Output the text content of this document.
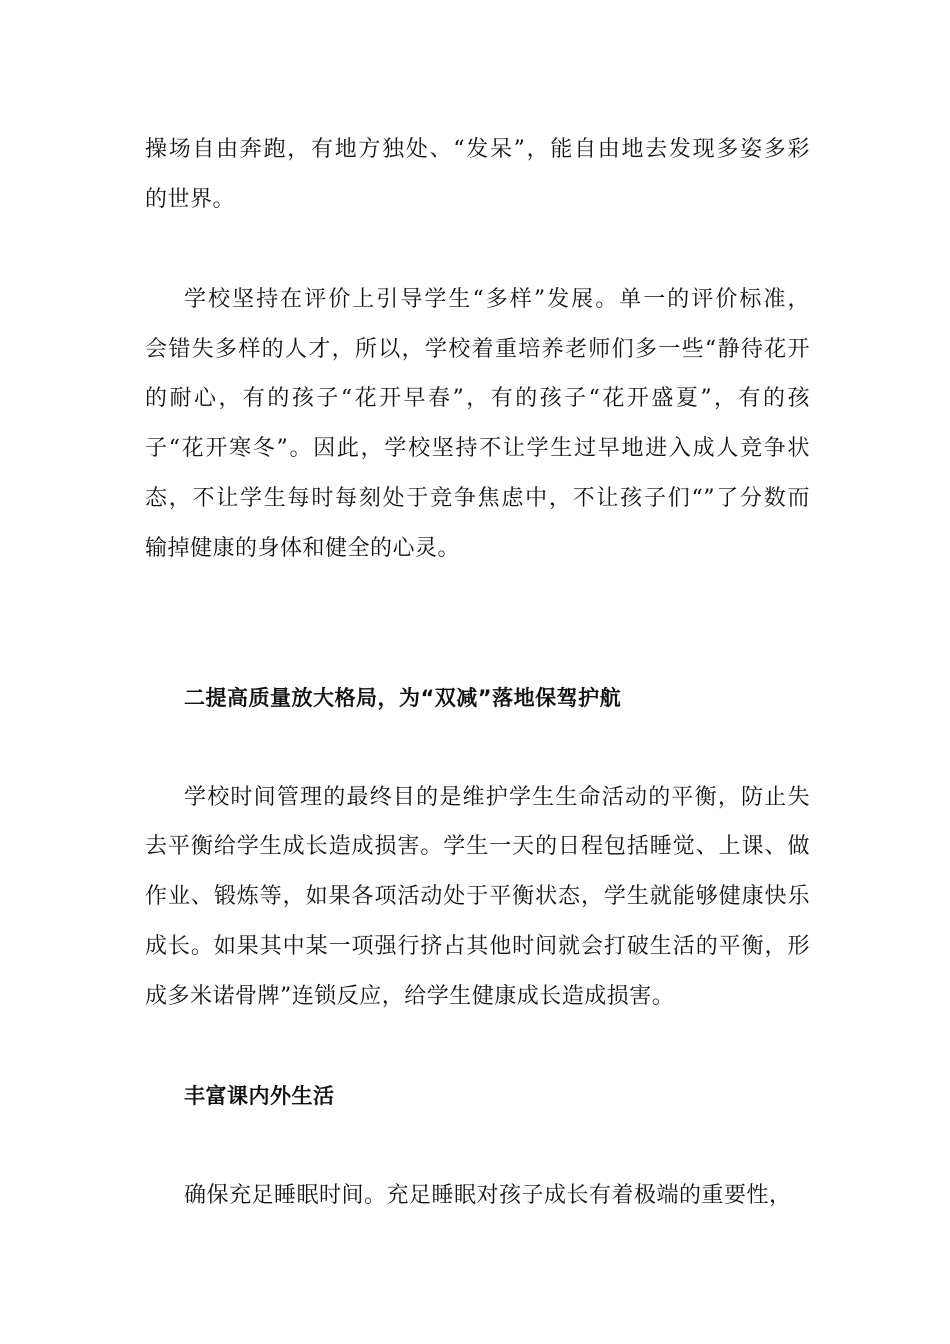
操场自由奔跑，有地方独处、“发呆”，能自由地去发现多姿多彩
的世界。
学校坚持在评价上引导学生“多样”发展。单一的评价标准，
会错失多样的人才，所以，学校着重培养老师们多一些“静待花开
的耐心，有的孩子“花开早春”，有的孩子“花开盛夏”，有的孩
子“花开寒冬”。因此，学校坚持不让学生过早地进入成人竞争状
态，不让学生每时每刻处于竞争焦虑中，不让孩子们“”了分数而
输掉健康的身体和健全的心灵。
二提高质量放大格局，为“双减”落地保驾护航
学校时间管理的最终目的是维护学生生命活动的平衡，防止失
去平衡给学生成长造成损害。学生一天的日程包括睡觉、上课、做
作业、锻炼等，如果各项活动处于平衡状态，学生就能够健康快乐
成长。如果其中某一项强行挤占其他时间就会打破生活的平衡，形
成多米诺骨牌”连锁反应，给学生健康成长造成损害。
丰富课内外生活
确保充足睡眠时间。充足睡眠对孩子成长有着极端的重要性，
